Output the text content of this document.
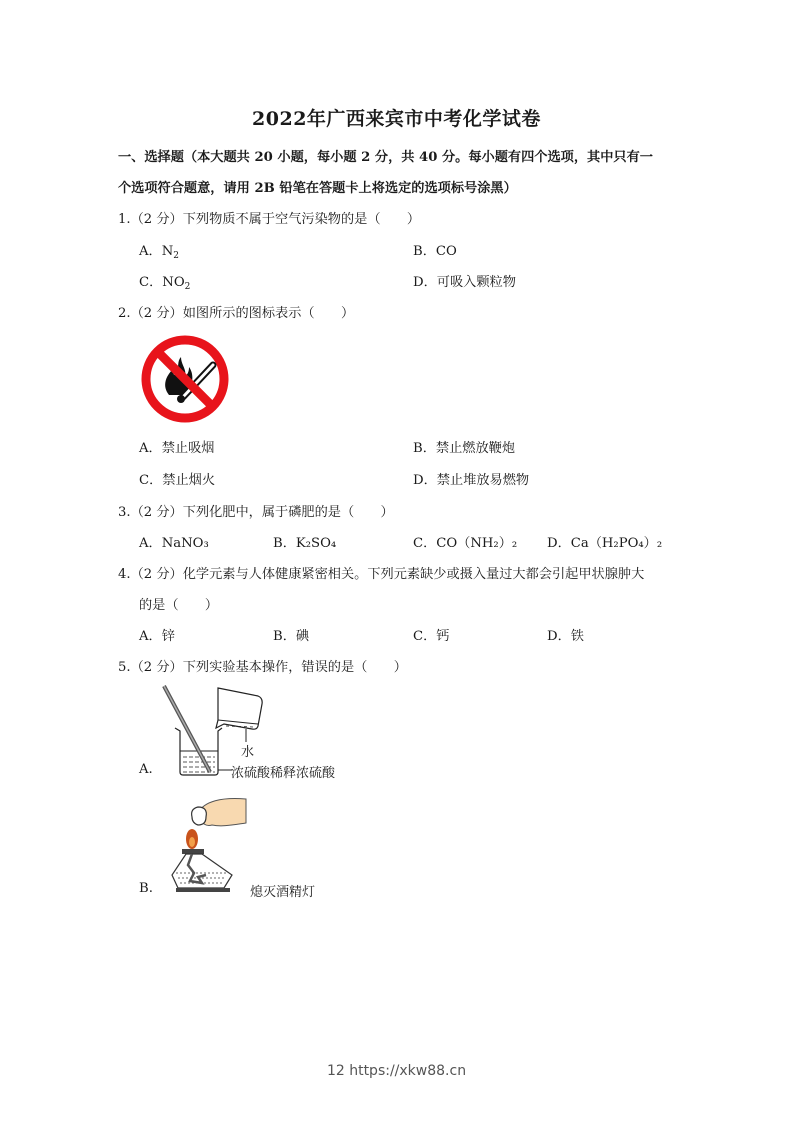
2022年广西来宾市中考化学试卷
一、选择题（本大题共 20 小题，每小题 2 分，共 40 分。每小题有四个选项，其中只有一
个选项符合题意，请用 2B 铅笔在答题卡上将选定的选项标号涂黑）
1.（2 分）下列物质不属于空气污染物的是（　　）
A．$N_2$	B．CO
C．$NO_2$	D．可吸入颗粒物
2.（2 分）如图所示的图标表示（　　）
A．禁止吸烟	B．禁止燃放鞭炮
C．禁止烟火	D．禁止堆放易燃物
3.（2 分）下列化肥中，属于磷肥的是（　　）
A．NaNO₃	B．K₂SO₄	C．CO（NH₂）₂ D．Ca（H₂PO₄）₂
4.（2 分）化学元素与人体健康紧密相关。下列元素缺少或摄入量过大都会引起甲状腺肿大
的是（　　）
A．锌	B．碘	C．钙	D．铁
5.（2 分）下列实验基本操作，错误的是（　　）
A.
水
浓硫酸 稀释浓硫酸
B.	熄灭酒精灯
12 https://xkw88.cn
